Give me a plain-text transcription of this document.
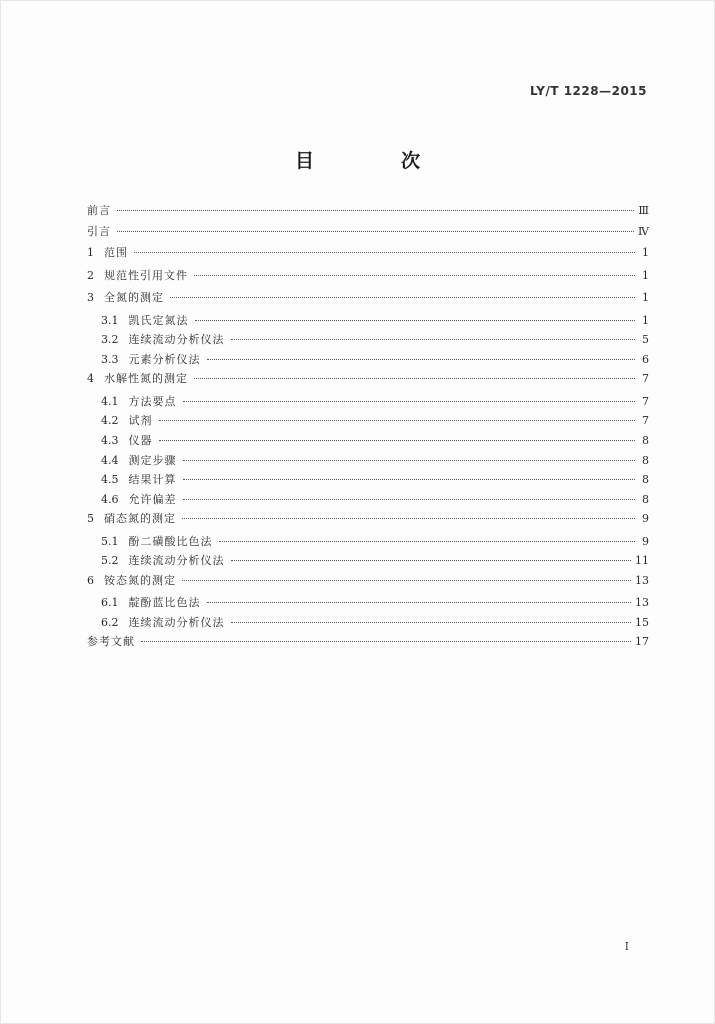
LY/T 1228—2015
目　次
前言	Ⅲ
引言	Ⅳ
1 范围	1
2 规范性引用文件	1
3 全氮的测定	1
3.1 凯氏定氮法	1
3.2 连续流动分析仪法	5
3.3 元素分析仪法	6
4 水解性氮的测定	7
4.1 方法要点	7
4.2 试剂	7
4.3 仪器	8
4.4 测定步骤	8
4.5 结果计算	8
4.6 允许偏差	8
5 硝态氮的测定	9
5.1 酚二磺酸比色法	9
5.2 连续流动分析仪法	11
6 铵态氮的测定	13
6.1 靛酚蓝比色法	13
6.2 连续流动分析仪法	15
参考文献	17
I
